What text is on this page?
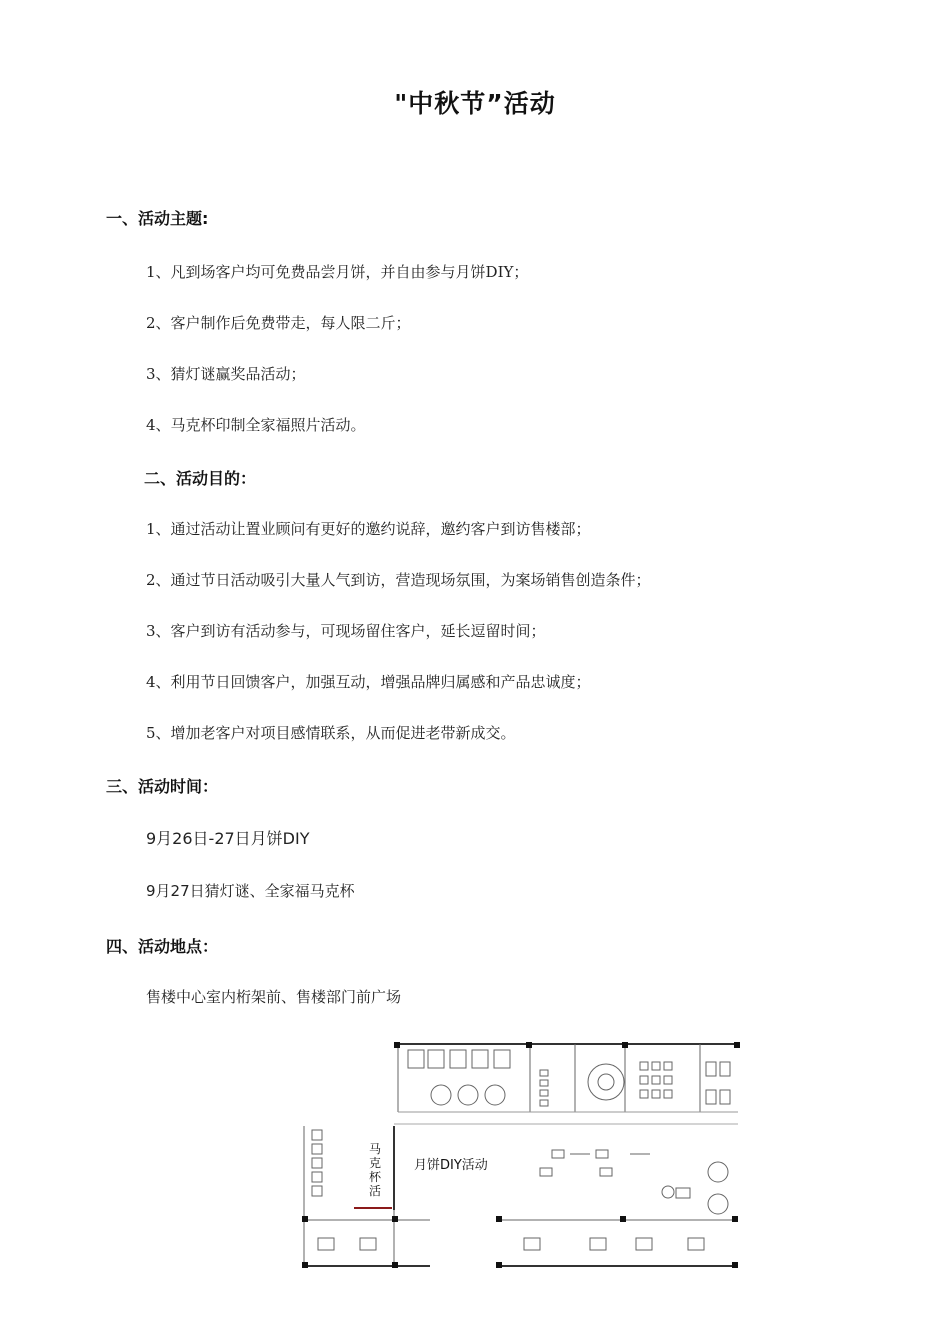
"中秋节”活动
一、活动主题:
1、凡到场客户均可免费品尝月饼，并自由参与月饼DIY；
2、客户制作后免费带走，每人限二斤；
3、猜灯谜赢奖品活动；
4、马克杯印制全家福照片活动。
二、活动目的：
1、通过活动让置业顾问有更好的邀约说辞，邀约客户到访售楼部；
2、通过节日活动吸引大量人气到访，营造现场氛围，为案场销售创造条件；
3、客户到访有活动参与，可现场留住客户，延长逗留时间；
4、利用节日回馈客户，加强互动，增强品牌归属感和产品忠诚度；
5、增加老客户对项目感情联系，从而促进老带新成交。
三、活动时间：
9月26日-27日月饼DIY
9月27日猜灯谜、全家福马克杯
四、活动地点：
售楼中心室内桁架前、售楼部门前广场
马
克
杯
活
月饼DIY活动
